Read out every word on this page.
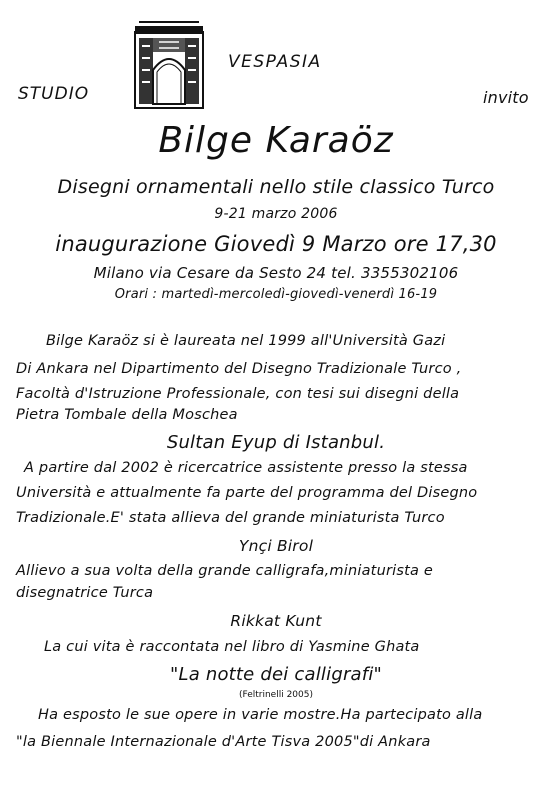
STUDIO
VESPASIA
invito
Bilge Karaöz
Disegni ornamentali nello stile classico Turco
9-21 marzo 2006
inaugurazione Giovedì 9 Marzo ore 17,30
Milano via Cesare da Sesto 24 tel. 3355302106
Orari : martedì-mercoledì-giovedì-venerdì 16-19
Bilge Karaöz si è laureata nel 1999 all'Università Gazi
Di Ankara nel Dipartimento del Disegno Tradizionale Turco ,
Facoltà d'Istruzione Professionale, con tesi sui disegni della
Pietra Tombale della Moschea
Sultan Eyup di Istanbul.
A partire dal 2002 è ricercatrice assistente presso la stessa
Università e attualmente fa parte del programma del Disegno
Tradizionale.E' stata allieva del grande miniaturista Turco
Ynçi Birol
Allievo a sua volta della grande calligrafa,miniaturista e
disegnatrice Turca
Rikkat Kunt
La cui vita è raccontata nel libro di Yasmine Ghata
"La notte dei calligrafi"
(Feltrinelli 2005)
Ha esposto le sue opere in varie mostre.Ha partecipato alla
"la Biennale Internazionale d'Arte Tisva 2005"di Ankara
